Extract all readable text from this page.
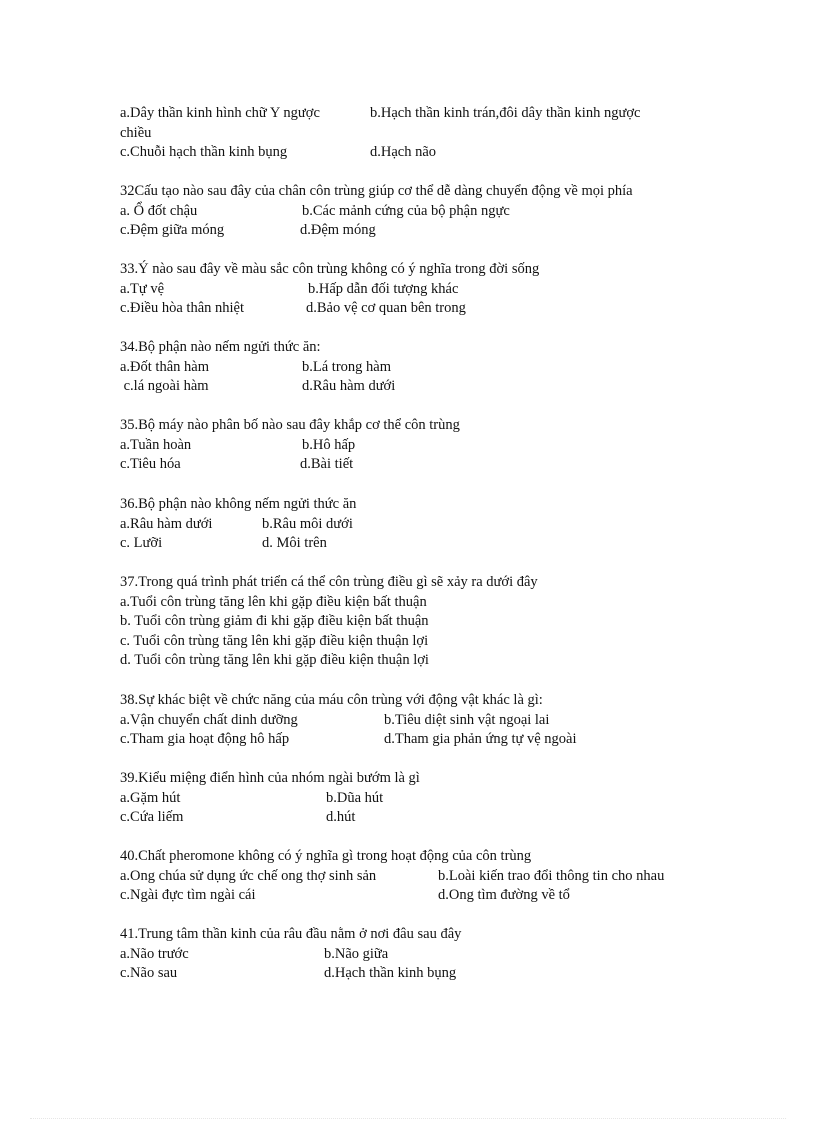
a.Dây thần kinh hình chữ Y ngược	b.Hạch thần kinh trán,đôi dây thần kinh ngược
chiều
c.Chuỗi hạch thần kinh bụng	d.Hạch não
32Cấu tạo nào sau đây của chân côn trùng giúp cơ thể dễ dàng chuyển động về mọi phía
a. Ổ đốt chậu	b.Các mảnh cứng của bộ phận ngực
c.Đệm giữa móng	d.Đệm móng
33.Ý nào sau đây về màu sắc côn trùng không có ý nghĩa trong đời sống
a.Tự vệ	b.Hấp dẫn đối tượng khác
c.Điều hòa thân nhiệt	d.Bảo vệ cơ quan bên trong
34.Bộ phận nào nếm ngửi thức ăn:
a.Đốt thân hàm	b.Lá trong hàm
c.lá ngoài hàm	d.Râu hàm dưới
35.Bộ máy nào phân bố nào sau đây khắp cơ thể côn trùng
a.Tuần hoàn	b.Hô hấp
c.Tiêu hóa	d.Bài tiết
36.Bộ phận nào không nếm ngửi thức ăn
a.Râu hàm dưới	b.Râu môi dưới
c. Lưỡi	d. Môi trên
37.Trong quá trình phát triển cá thể côn trùng điều gì sẽ xảy ra dưới đây
a.Tuổi côn trùng tăng lên khi gặp điều kiện bất thuận
b. Tuổi côn trùng giảm đi khi gặp điều kiện bất thuận
c. Tuổi côn trùng tăng lên khi gặp điều kiện thuận lợi
d. Tuổi côn trùng tăng lên khi gặp điều kiện thuận lợi
38.Sự khác biệt về chức năng của máu côn trùng với động vật khác là gì:
a.Vận chuyển chất dinh dưỡng	b.Tiêu diệt sinh vật ngoại lai
c.Tham gia hoạt động hô hấp	d.Tham gia phản ứng tự vệ ngoài
39.Kiểu miệng điển hình của nhóm ngài bướm là gì
a.Gặm hút	b.Dũa hút
c.Cứa liếm	d.hút
40.Chất pheromone không có ý nghĩa gì trong hoạt động của côn trùng
a.Ong chúa sử dụng ức chế ong thợ sinh sản	b.Loài kiến trao đổi thông tin cho nhau
c.Ngài đực tìm ngài cái	d.Ong tìm đường về tổ
41.Trung tâm thần kinh của râu đầu nằm ở nơi đâu sau đây
a.Não trước	b.Não giữa
c.Não sau	d.Hạch thần kinh bụng
